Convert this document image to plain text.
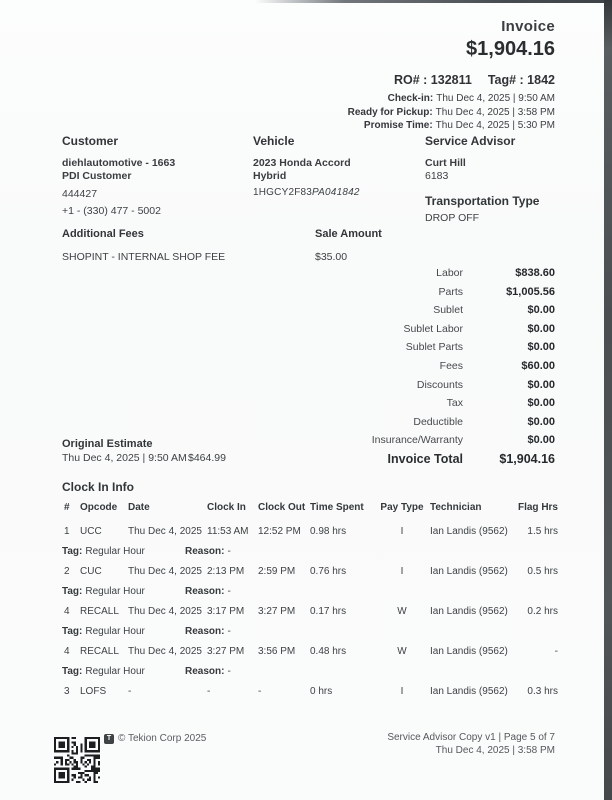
Invoice
$1,904.16
RO# : 132811 Tag# : 1842
Check-in: Thu Dec 4, 2025 | 9:50 AM
Ready for Pickup: Thu Dec 4, 2025 | 3:58 PM
Promise Time: Thu Dec 4, 2025 | 5:30 PM
Customer
diehlautomotive - 1663
PDI Customer
444427
+1 - (330) 477 - 5002
Vehicle
2023 Honda Accord
Hybrid
1HGCY2F83PA041842
Service Advisor
Curt Hill
6183
Transportation Type
DROP OFF
Additional Fees	Sale Amount
SHOPINT - INTERNAL SHOP FEE	$35.00
Labor	$838.60
Parts	$1,005.56
Sublet	$0.00
Sublet Labor	$0.00
Sublet Parts	$0.00
Fees	$60.00
Discounts	$0.00
Tax	$0.00
Deductible	$0.00
Insurance/Warranty	$0.00
Invoice Total	$1,904.16
Original Estimate
Thu Dec 4, 2025 | 9:50 AM $464.99
Clock In Info
# Opcode Date	Clock In Clock Out Time Spent Pay Type Technician	Flag Hrs
1 UCC	Thu Dec 4, 2025 11:53 AM 12:52 PM 0.98 hrs	I	Ian Landis (9562)	1.5 hrs
Tag: Regular Hour	Reason: -
2 CUC	Thu Dec 4, 2025 2:13 PM 2:59 PM 0.76 hrs	I	Ian Landis (9562)	0.5 hrs
Tag: Regular Hour	Reason: -
4 RECALL Thu Dec 4, 2025 3:17 PM 3:27 PM 0.17 hrs	W	Ian Landis (9562)	0.2 hrs
Tag: Regular Hour	Reason: -
4 RECALL Thu Dec 4, 2025 3:27 PM 3:56 PM 0.48 hrs	W	Ian Landis (9562)	-
Tag: Regular Hour	Reason: -
3 LOFS -	-	-	0 hrs	I	Ian Landis (9562)	0.3 hrs
T © Tekion Corp 2025	Service Advisor Copy v1 | Page 5 of 7
Thu Dec 4, 2025 | 3:58 PM
